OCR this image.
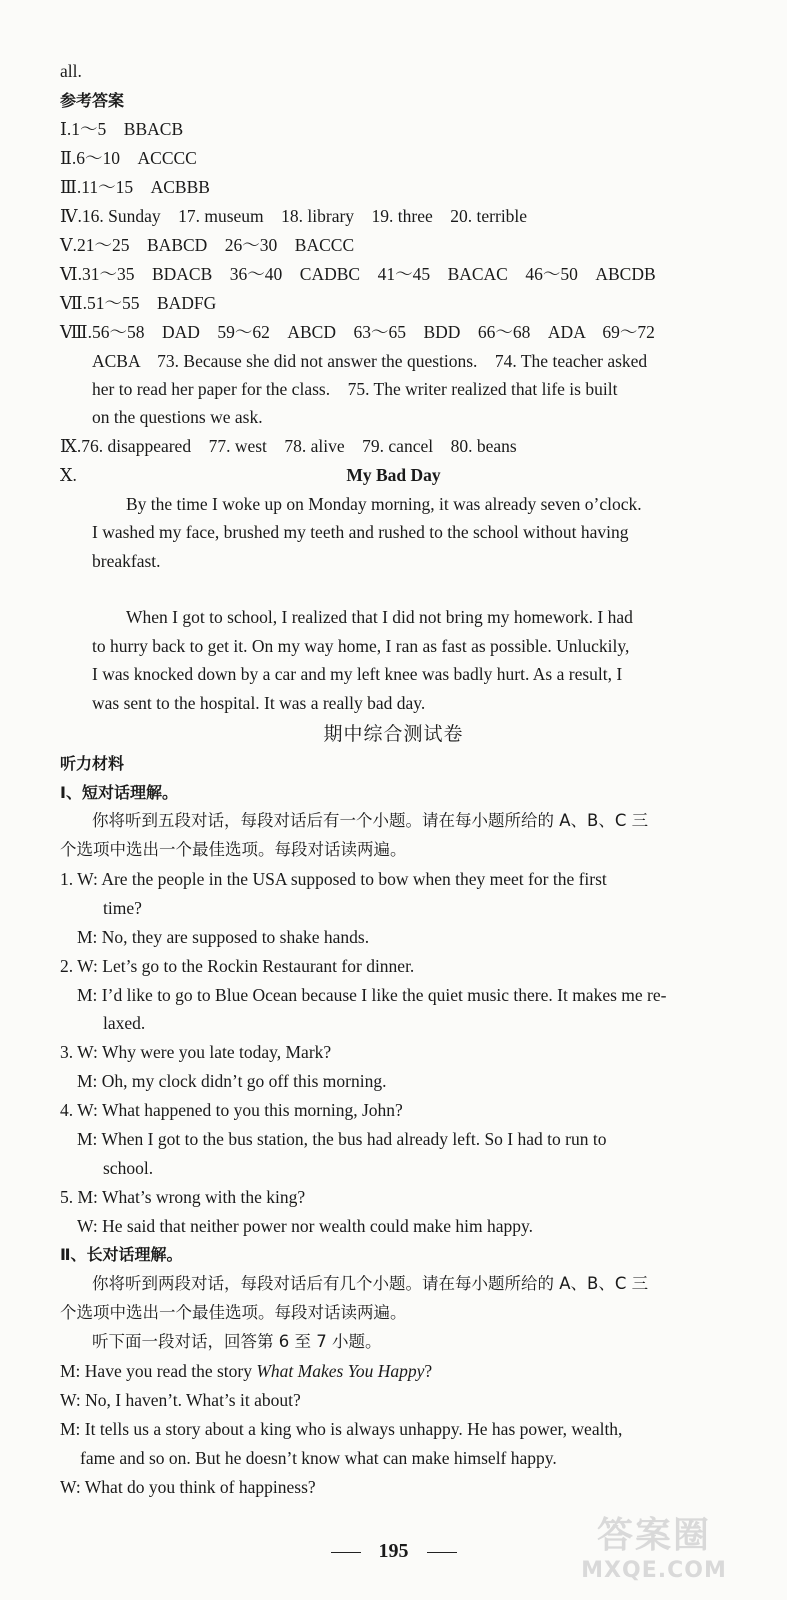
all.
参考答案
Ⅰ.1～5　BBACB
Ⅱ.6～10　ACCCC
Ⅲ.11～15　ACBBB
Ⅳ.16. Sunday　17. museum　18. library　19. three　20. terrible
Ⅴ.21～25　BABCD　26～30　BACCC
Ⅵ.31～35　BDACB　36～40　CADBC　41～45　BACAC　46～50　ABCDB
Ⅶ.51～55　BADFG
Ⅷ.56～58　DAD　59～62　ABCD　63～65　BDD　66～68　ADA　69～72
ACBA　73. Because she did not answer the questions.　74. The teacher asked
her to read her paper for the class.　75. The writer realized that life is built
on the questions we ask.
Ⅸ.76. disappeared　77. west　78. alive　79. cancel　80. beans
Ⅹ.	My Bad Day
By the time I woke up on Monday morning, it was already seven o’clock.
I washed my face, brushed my teeth and rushed to the school without having
breakfast.
When I got to school, I realized that I did not bring my homework. I had
to hurry back to get it. On my way home, I ran as fast as possible. Unluckily,
I was knocked down by a car and my left knee was badly hurt. As a result, I
was sent to the hospital. It was a really bad day.
期中综合测试卷
听力材料
Ⅰ、短对话理解。
你将听到五段对话，每段对话后有一个小题。请在每小题所给的 A、B、C 三
个选项中选出一个最佳选项。每段对话读两遍。
1. W: Are the people in the USA supposed to bow when they meet for the first
time?
M: No, they are supposed to shake hands.
2. W: Let’s go to the Rockin Restaurant for dinner.
M: I’d like to go to Blue Ocean because I like the quiet music there. It makes me re-
laxed.
3. W: Why were you late today, Mark?
M: Oh, my clock didn’t go off this morning.
4. W: What happened to you this morning, John?
M: When I got to the bus station, the bus had already left. So I had to run to
school.
5. M: What’s wrong with the king?
W: He said that neither power nor wealth could make him happy.
Ⅱ、长对话理解。
你将听到两段对话，每段对话后有几个小题。请在每小题所给的 A、B、C 三
个选项中选出一个最佳选项。每段对话读两遍。
听下面一段对话，回答第 6 至 7 小题。
M: Have you read the story What Makes You Happy?
W: No, I haven’t. What’s it about?
M: It tells us a story about a king who is always unhappy. He has power, wealth,
fame and so on. But he doesn’t know what can make himself happy.
W: What do you think of happiness?
195	答案圈
MXQE.COM
